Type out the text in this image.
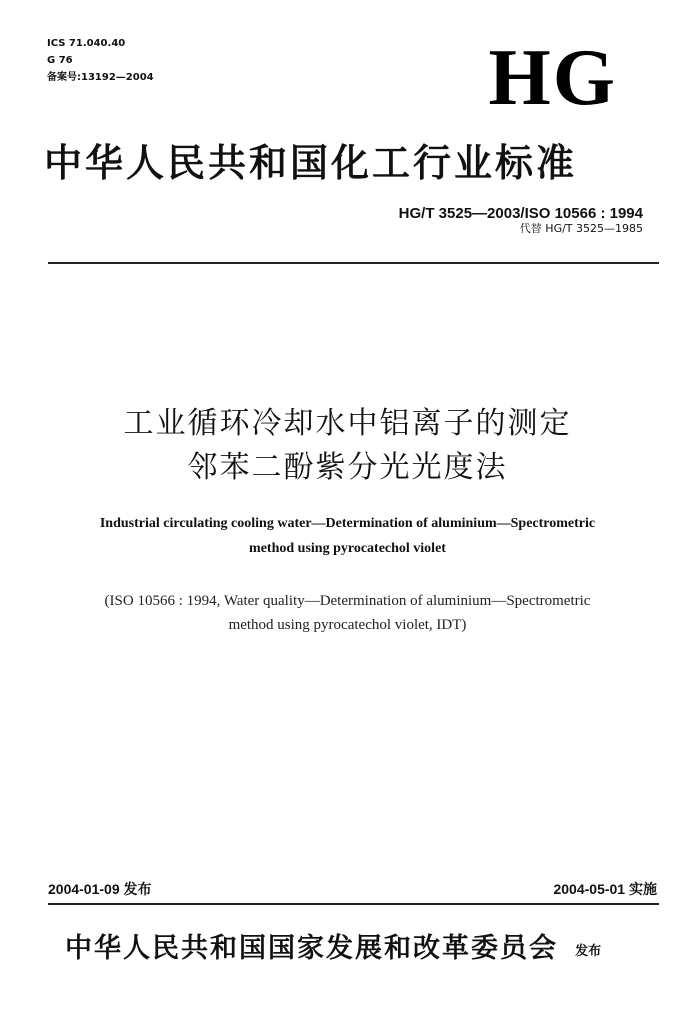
ICS 71.040.40
G 76
备案号:13192—2004	HG
中华人民共和国化工行业标准
HG/T 3525—2003/ISO 10566 : 1994
代替 HG/T 3525—1985
工业循环冷却水中铝离子的测定
邻苯二酚紫分光光度法
Industrial circulating cooling water—Determination of aluminium—Spectrometric
method using pyrocatechol violet
(ISO 10566 : 1994, Water quality—Determination of aluminium—Spectrometric
method using pyrocatechol violet, IDT)
2004-01-09 发布	2004-05-01 实施
中华人民共和国国家发展和改革委员会 发布
